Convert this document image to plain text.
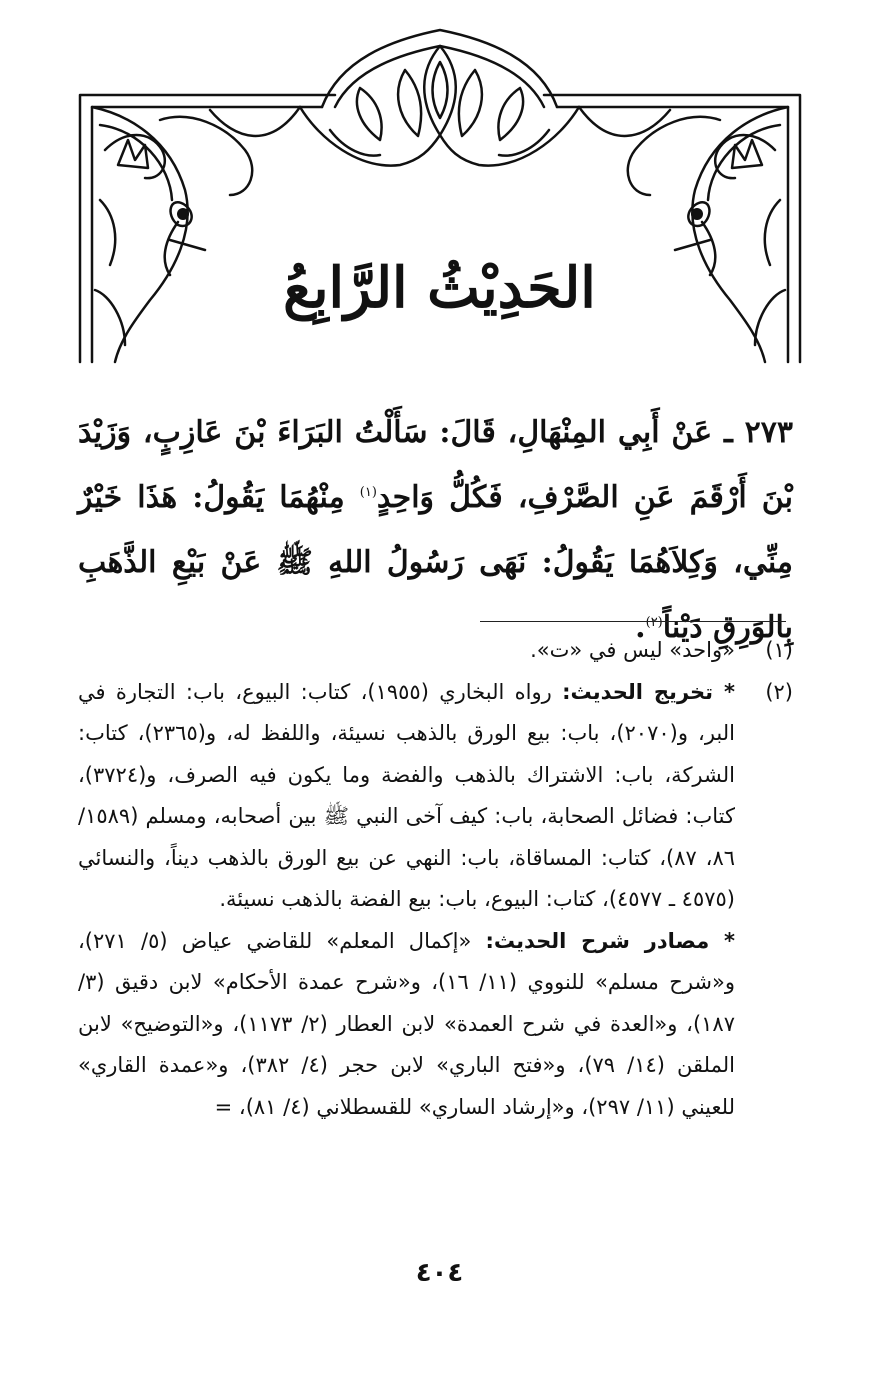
الحَدِيْثُ الرَّابِعُ
٢٧٣ ـ عَنْ أَبِي المِنْهَالِ، قَالَ: سَأَلْتُ البَرَاءَ بْنَ عَازِبٍ، وَزَيْدَ بْنَ أَرْقَمَ عَنِ الصَّرْفِ، فَكُلُّ وَاحِدٍ$^{(١)}$ مِنْهُمَا يَقُولُ: هَذَا خَيْرٌ مِنِّي، وَكِلاَهُمَا يَقُولُ: نَهَى رَسُولُ اللهِ ﷺ عَنْ بَيْعِ الذَّهَبِ بِالوَرِقِ دَيْناً$^{(٢)}$.
(١)
«واحد» ليس في «ت».
(٢)
* تخريج الحديث: رواه البخاري (١٩٥٥)، كتاب: البيوع، باب: التجارة في البر، و(٢٠٧٠)، باب: بيع الورق بالذهب نسيئة، واللفظ له، و(٢٣٦٥)، كتاب: الشركة، باب: الاشتراك بالذهب والفضة وما يكون فيه الصرف، و(٣٧٢٤)، كتاب: فضائل الصحابة، باب: كيف آخى النبي ﷺ بين أصحابه، ومسلم (١٥٨٩/ ٨٦، ٨٧)، كتاب: المساقاة، باب: النهي عن بيع الورق بالذهب ديناً، والنسائي (٤٥٧٥ ـ ٤٥٧٧)، كتاب: البيوع، باب: بيع الفضة بالذهب نسيئة.
* مصادر شرح الحديث: «إكمال المعلم» للقاضي عياض (٥/ ٢٧١)، و«شرح مسلم» للنووي (١١/ ١٦)، و«شرح عمدة الأحكام» لابن دقيق (٣/ ١٨٧)، و«العدة في شرح العمدة» لابن العطار (٢/ ١١٧٣)، و«التوضيح» لابن الملقن (١٤/ ٧٩)، و«فتح الباري» لابن حجر (٤/ ٣٨٢)، و«عمدة القاري» للعيني (١١/ ٢٩٧)، و«إرشاد الساري» للقسطلاني (٤/ ٨١)، =
٤٠٤
